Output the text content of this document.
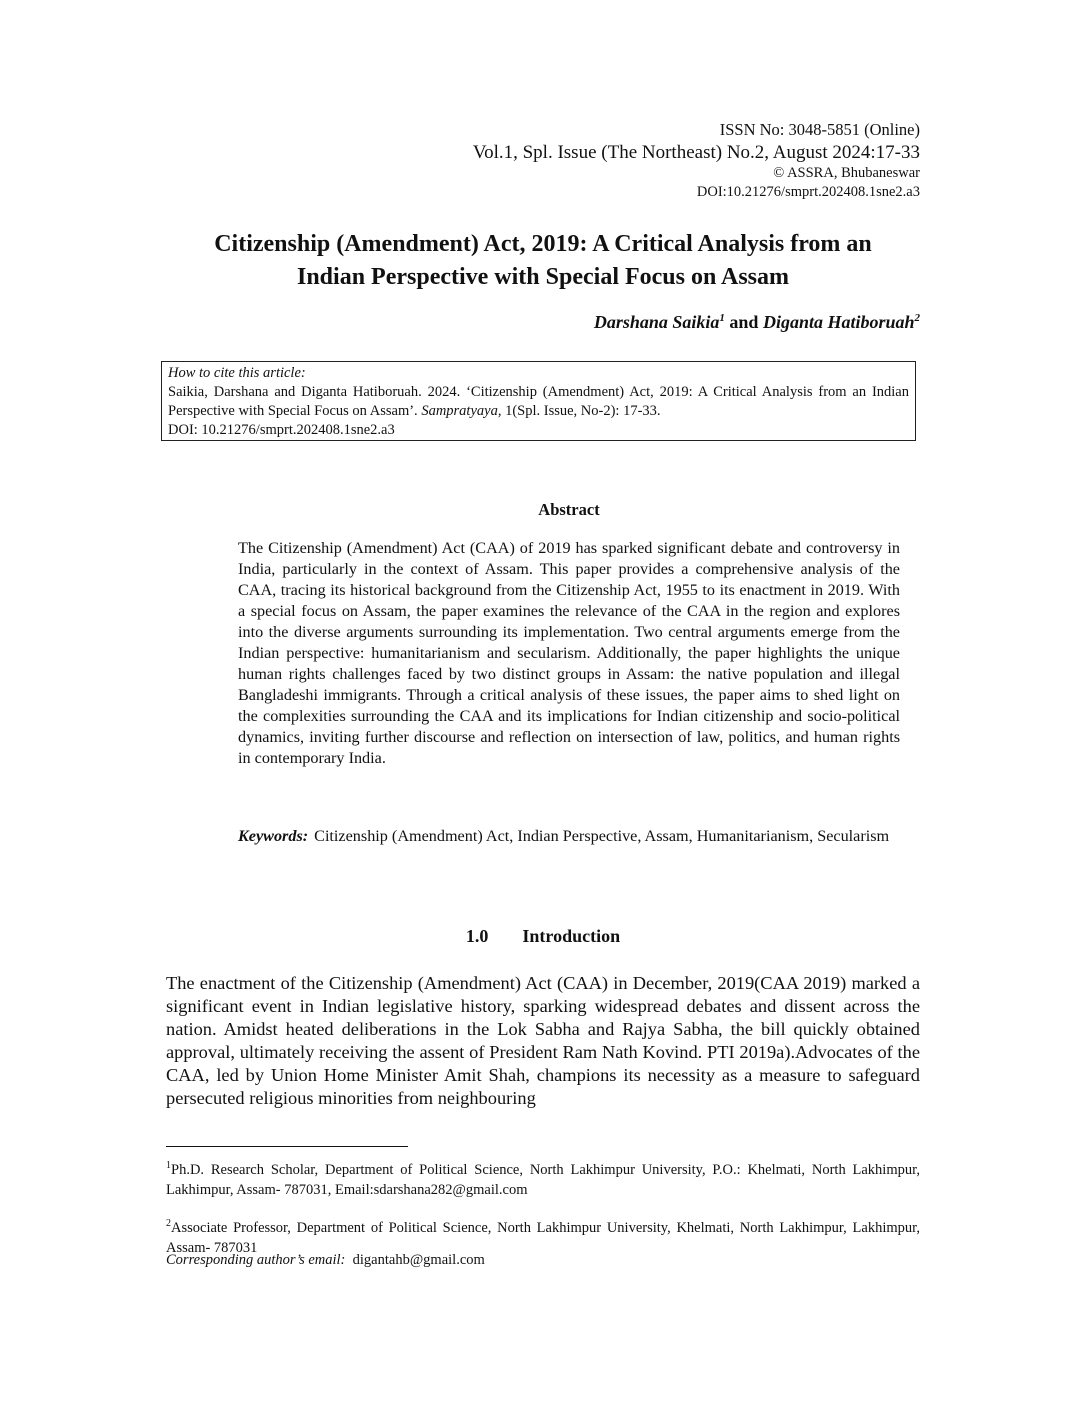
ISSN No: 3048-5851 (Online)
Vol.1, Spl. Issue (The Northeast) No.2, August 2024:17-33
© ASSRA, Bhubaneswar
DOI:10.21276/smprt.202408.1sne2.a3
Citizenship (Amendment) Act, 2019: A Critical Analysis from an
Indian Perspective with Special Focus on Assam
Darshana Saikia$^1$ and Diganta Hatiboruah$^2$
How to cite this article:
Saikia, Darshana and Diganta Hatiboruah. 2024. ‘Citizenship (Amendment) Act, 2019: A Critical Analysis from an Indian Perspective with Special Focus on Assam’. Sampratyaya, 1(Spl. Issue, No-2): 17-33.
DOI: 10.21276/smprt.202408.1sne2.a3
Abstract

The Citizenship (Amendment) Act (CAA) of 2019 has sparked significant debate and controversy in India, particularly in the context of Assam. This paper provides a comprehensive analysis of the CAA, tracing its historical background from the Citizenship Act, 1955 to its enactment in 2019. With a special focus on Assam, the paper examines the relevance of the CAA in the region and explores into the diverse arguments surrounding its implementation. Two central arguments emerge from the Indian perspective: humanitarianism and secularism. Additionally, the paper highlights the unique human rights challenges faced by two distinct groups in Assam: the native population and illegal Bangladeshi immigrants. Through a critical analysis of these issues, the paper aims to shed light on the complexities surrounding the CAA and its implications for Indian citizenship and socio-political dynamics, inviting further discourse and reflection on intersection of law, politics, and human rights in contemporary India.

Keywords: Citizenship (Amendment) Act, Indian Perspective, Assam, Humanitarianism, Secularism
1.0 Introduction

The enactment of the Citizenship (Amendment) Act (CAA) in December, 2019(CAA 2019) marked a significant event in Indian legislative history, sparking widespread debates and dissent across the nation. Amidst heated deliberations in the Lok Sabha and Rajya Sabha, the bill quickly obtained approval, ultimately receiving the assent of President Ram Nath Kovind. PTI 2019a).Advocates of the CAA, led by Union Home Minister Amit Shah, champions its necessity as a measure to safeguard persecuted religious minorities from neighbouring

$^1$Ph.D. Research Scholar, Department of Political Science, North Lakhimpur University, P.O.: Khelmati, North Lakhimpur, Lakhimpur, Assam- 787031, Email:sdarshana282@gmail.com

$^2$Associate Professor, Department of Political Science, North Lakhimpur University, Khelmati, North Lakhimpur, Lakhimpur, Assam- 787031

Corresponding author’s email: digantahb@gmail.com
